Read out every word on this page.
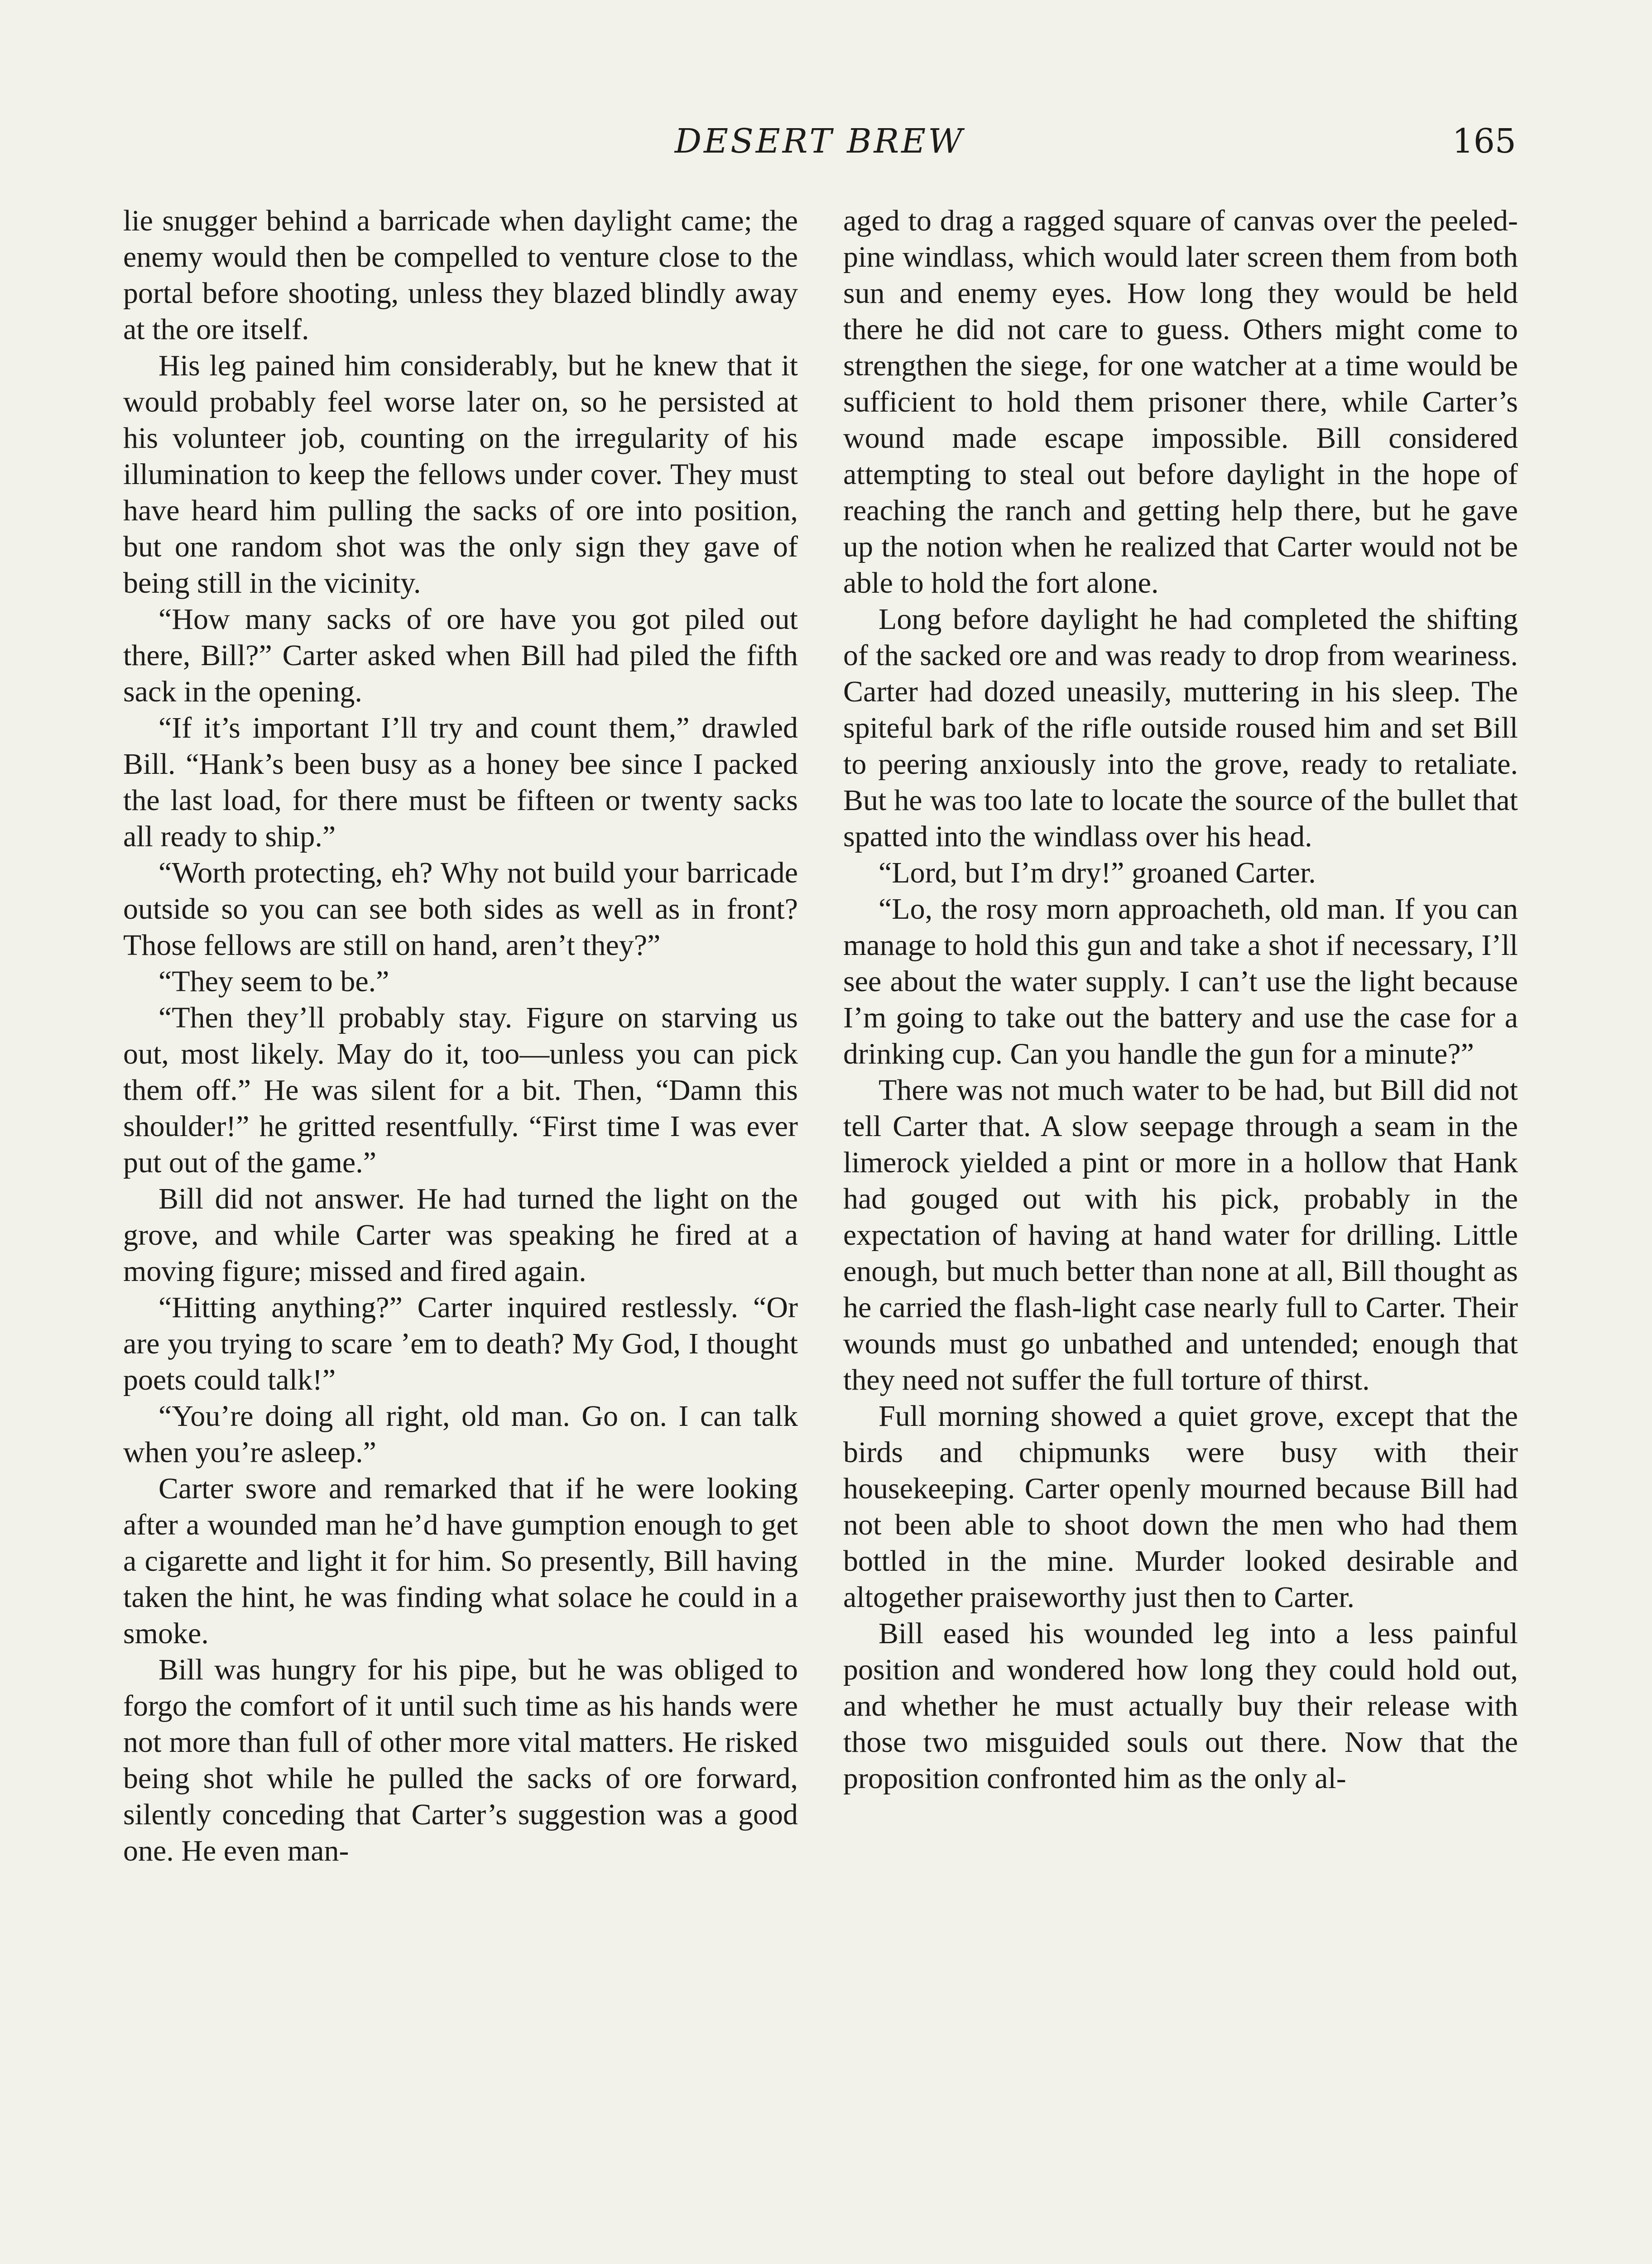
DESERT BREW	165

lie snugger behind a barricade when daylight came; the enemy would then be compelled to venture close to the portal before shooting, unless they blazed blindly away at the ore itself.

His leg pained him considerably, but he knew that it would probably feel worse later on, so he persisted at his volunteer job, counting on the irregularity of his illumination to keep the fellows under cover. They must have heard him pulling the sacks of ore into position, but one random shot was the only sign they gave of being still in the vicinity.

“How many sacks of ore have you got piled out there, Bill?” Carter asked when Bill had piled the fifth sack in the opening.

“If it’s important I’ll try and count them,” drawled Bill. “Hank’s been busy as a honey bee since I packed the last load, for there must be fifteen or twenty sacks all ready to ship.”

“Worth protecting, eh? Why not build your barricade outside so you can see both sides as well as in front? Those fellows are still on hand, aren’t they?”

“They seem to be.”

“Then they’ll probably stay. Figure on starving us out, most likely. May do it, too—unless you can pick them off.” He was silent for a bit. Then, “Damn this shoulder!” he gritted resentfully. “First time I was ever put out of the game.”

Bill did not answer. He had turned the light on the grove, and while Carter was speaking he fired at a moving figure; missed and fired again.

“Hitting anything?” Carter inquired restlessly. “Or are you trying to scare ’em to death? My God, I thought poets could talk!”

“You’re doing all right, old man. Go on. I can talk when you’re asleep.”

Carter swore and remarked that if he were looking after a wounded man he’d have gumption enough to get a cigarette and light it for him. So presently, Bill having taken the hint, he was finding what solace he could in a smoke.

Bill was hungry for his pipe, but he was obliged to forgo the comfort of it until such time as his hands were not more than full of other more vital matters. He risked being shot while he pulled the sacks of ore forward, silently conceding that Carter’s suggestion was a good one. He even man-

aged to drag a ragged square of canvas over the peeled-pine windlass, which would later screen them from both sun and enemy eyes. How long they would be held there he did not care to guess. Others might come to strengthen the siege, for one watcher at a time would be sufficient to hold them prisoner there, while Carter’s wound made escape impossible. Bill considered attempting to steal out before daylight in the hope of reaching the ranch and getting help there, but he gave up the notion when he realized that Carter would not be able to hold the fort alone.

Long before daylight he had completed the shifting of the sacked ore and was ready to drop from weariness. Carter had dozed uneasily, muttering in his sleep. The spiteful bark of the rifle outside roused him and set Bill to peering anxiously into the grove, ready to retaliate. But he was too late to locate the source of the bullet that spatted into the windlass over his head.

“Lord, but I’m dry!” groaned Carter.

“Lo, the rosy morn approacheth, old man. If you can manage to hold this gun and take a shot if necessary, I’ll see about the water supply. I can’t use the light because I’m going to take out the battery and use the case for a drinking cup. Can you handle the gun for a minute?”

There was not much water to be had, but Bill did not tell Carter that. A slow seepage through a seam in the limerock yielded a pint or more in a hollow that Hank had gouged out with his pick, probably in the expectation of having at hand water for drilling. Little enough, but much better than none at all, Bill thought as he carried the flash-light case nearly full to Carter. Their wounds must go unbathed and untended; enough that they need not suffer the full torture of thirst.

Full morning showed a quiet grove, except that the birds and chipmunks were busy with their housekeeping. Carter openly mourned because Bill had not been able to shoot down the men who had them bottled in the mine. Murder looked desirable and altogether praiseworthy just then to Carter.

Bill eased his wounded leg into a less painful position and wondered how long they could hold out, and whether he must actually buy their release with those two misguided souls out there. Now that the proposition confronted him as the only al-
